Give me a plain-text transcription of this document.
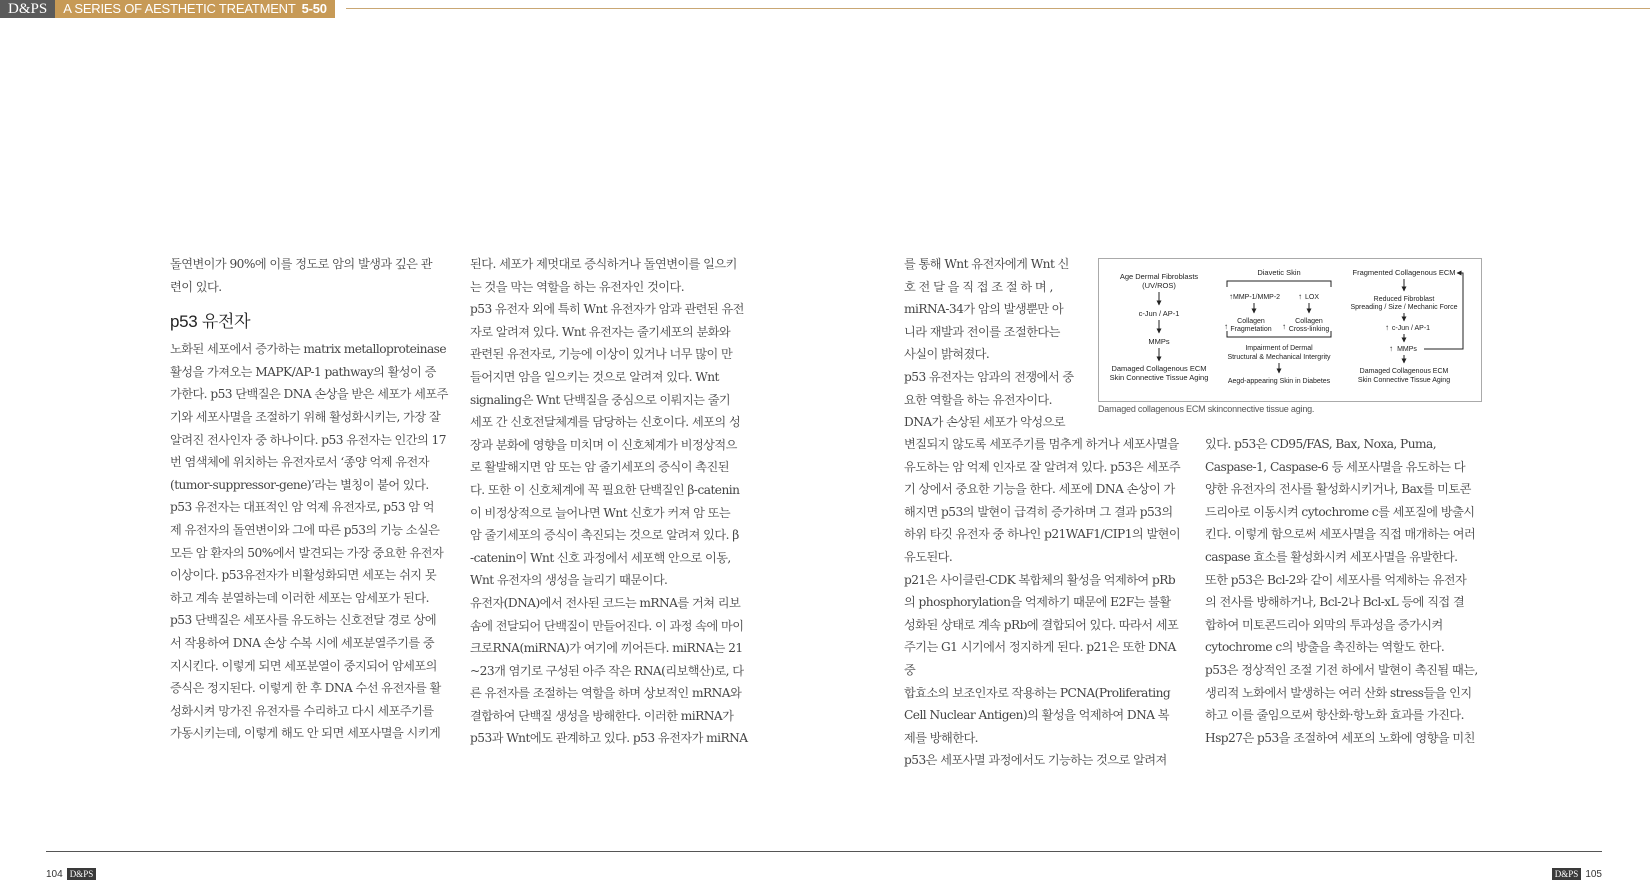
D&PS	A SERIES OF AESTHETIC TREATMENT 5-50

돌연변이가 90%에 이를 정도로 암의 발생과 깊은 관

련이 있다.

p53 유전자

노화된 세포에서 증가하는 matrix metalloproteinase

활성을 가져오는 MAPK/AP-1 pathway의 활성이 증

가한다. p53 단백질은 DNA 손상을 받은 세포가 세포주

기와 세포사멸을 조절하기 위해 활성화시키는, 가장 잘

알려진 전사인자 중 하나이다. p53 유전자는 인간의 17

번 염색체에 위치하는 유전자로서 ‘종양 억제 유전자

(tumor-suppressor-gene)’라는 별칭이 붙어 있다.

p53 유전자는 대표적인 암 억제 유전자로, p53 암 억

제 유전자의 돌연변이와 그에 따른 p53의 기능 소실은

모든 암 환자의 50%에서 발견되는 가장 중요한 유전자

이상이다. p53유전자가 비활성화되면 세포는 쉬지 못

하고 계속 분열하는데 이러한 세포는 암세포가 된다.

p53 단백질은 세포사를 유도하는 신호전달 경로 상에

서 작용하여 DNA 손상 수복 시에 세포분열주기를 중

지시킨다. 이렇게 되면 세포분열이 중지되어 암세포의

증식은 정지된다. 이렇게 한 후 DNA 수선 유전자를 활

성화시켜 망가진 유전자를 수리하고 다시 세포주기를

가동시키는데, 이렇게 해도 안 되면 세포사멸을 시키게

된다. 세포가 제멋대로 증식하거나 돌연변이를 일으키

는 것을 막는 역할을 하는 유전자인 것이다.

p53 유전자 외에 특히 Wnt 유전자가 암과 관련된 유전

자로 알려져 있다. Wnt 유전자는 줄기세포의 분화와

관련된 유전자로, 기능에 이상이 있거나 너무 많이 만

들어지면 암을 일으키는 것으로 알려져 있다. Wnt

signaling은 Wnt 단백질을 중심으로 이뤄지는 줄기

세포 간 신호전달체계를 담당하는 신호이다. 세포의 성

장과 분화에 영향을 미치며 이 신호체계가 비정상적으

로 활발해지면 암 또는 암 줄기세포의 증식이 촉진된

다. 또한 이 신호체계에 꼭 필요한 단백질인 β-catenin

이 비정상적으로 늘어나면 Wnt 신호가 커져 암 또는

암 줄기세포의 증식이 촉진되는 것으로 알려져 있다. β

-catenin이 Wnt 신호 과정에서 세포핵 안으로 이동,

Wnt 유전자의 생성을 늘리기 때문이다.

유전자(DNA)에서 전사된 코드는 mRNA를 거쳐 리보

솜에 전달되어 단백질이 만들어진다. 이 과정 속에 마이

크로RNA(miRNA)가 여기에 끼어든다. miRNA는 21

~23개 염기로 구성된 아주 작은 RNA(리보핵산)로, 다

른 유전자를 조절하는 역할을 하며 상보적인 mRNA와

결합하여 단백질 생성을 방해한다. 이러한 miRNA가

p53과 Wnt에도 관계하고 있다. p53 유전자가 miRNA

를 통해 Wnt 유전자에게 Wnt 신

호 전 달 을 직 접 조 절 하 며 ,

miRNA-34가 암의 발생뿐만 아

니라 재발과 전이를 조절한다는

사실이 밝혀졌다.

p53 유전자는 암과의 전쟁에서 중

요한 역할을 하는 유전자이다.

DNA가 손상된 세포가 악성으로

변질되지 않도록 세포주기를 멈추게 하거나 세포사멸을

유도하는 암 억제 인자로 잘 알려져 있다. p53은 세포주

기 상에서 중요한 기능을 한다. 세포에 DNA 손상이 가

해지면 p53의 발현이 급격히 증가하며 그 결과 p53의

하위 타깃 유전자 중 하나인 p21WAF1/CIP1의 발현이

유도된다.

p21은 사이클린-CDK 복합체의 활성을 억제하여 pRb

의 phosphorylation을 억제하기 때문에 E2F는 불활

성화된 상태로 계속 pRb에 결합되어 있다. 따라서 세포

주기는 G1 시기에서 정지하게 된다. p21은 또한 DNA 중

합효소의 보조인자로 작용하는 PCNA(Proliferating

Cell Nuclear Antigen)의 활성을 억제하여 DNA 복

제를 방해한다.

p53은 세포사멸 과정에서도 기능하는 것으로 알려져

있다. p53은 CD95/FAS, Bax, Noxa, Puma,

Caspase-1, Caspase-6 등 세포사멸을 유도하는 다

양한 유전자의 전사를 활성화시키거나, Bax를 미토콘

드리아로 이동시켜 cytochrome c를 세포질에 방출시

킨다. 이렇게 함으로써 세포사멸을 직접 매개하는 여러

caspase 효소를 활성화시켜 세포사멸을 유발한다.

또한 p53은 Bcl-2와 같이 세포사를 억제하는 유전자

의 전사를 방해하거나, Bcl-2나 Bcl-xL 등에 직접 결

합하여 미토콘드리아 외막의 투과성을 증가시켜

cytochrome c의 방출을 촉진하는 역할도 한다.

p53은 정상적인 조절 기전 하에서 발현이 촉진될 때는,

생리적 노화에서 발생하는 여러 산화 stress들을 인지

하고 이를 줄임으로써 항산화·항노화 효과를 가진다.

Hsp27은 p53을 조절하여 세포의 노화에 영향을 미친

Age Dermal Fibroblasts
(UV/ROS)
c-Jun / AP-1
MMPs
Damaged Collagenous ECM
Skin Connective Tissue Aging
Diavetic Skin
MMP-1/MMP-2	LOX
↑	↑
Collagen
Fragmetation
Collagen
Cross-linking
↑	↑
Impairment of Dermal
Structural & Mechanical Intergrity
Aegd-appearing Skin in Diabetes
Fragmented Collagenous ECM
Reduced Fibroblast
Spreading / Size / Mechanic Force
c-Jun / AP-1
↑
MMPs
↑
Damaged Collagenous ECM
Skin Connective Tissue Aging
Damaged collagenous ECM skinconnective tissue aging.
104 D&PS	D&PS 105
